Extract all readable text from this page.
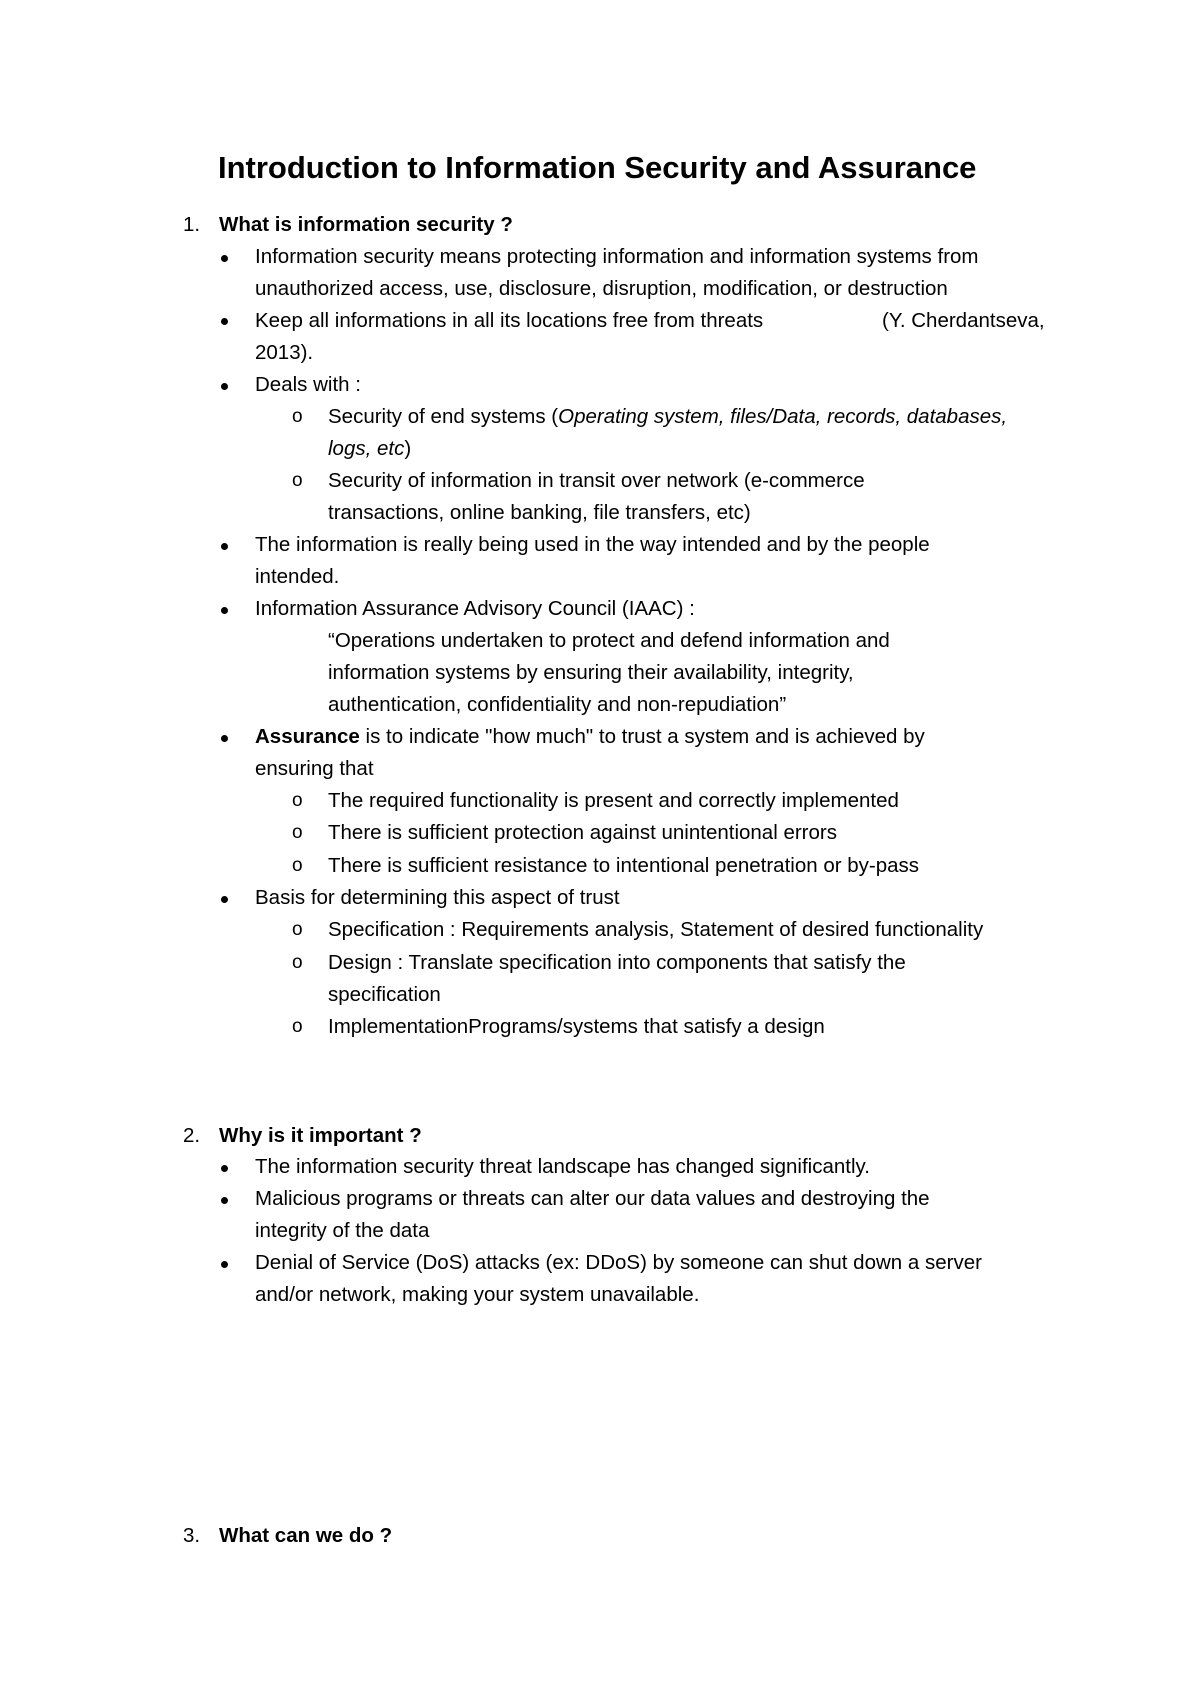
Introduction to Information Security and Assurance
1. What is information security ?
Information security means protecting information and information systems from
unauthorized access, use, disclosure, disruption, modification, or destruction
Keep all informations in all its locations free from threats	(Y. Cherdantseva,
2013).
Deals with :
o Security of end systems (Operating system, files/Data, records, databases,
logs, etc)
o Security of information in transit over network (e-commerce
transactions, online banking, file transfers, etc)
The information is really being used in the way intended and by the people
intended.
Information Assurance Advisory Council (IAAC) :
“Operations undertaken to protect and defend information and
information systems by ensuring their availability, integrity,
authentication, confidentiality and non-repudiation”
Assurance is to indicate "how much" to trust a system and is achieved by
ensuring that
o The required functionality is present and correctly implemented
o There is sufficient protection against unintentional errors
o There is sufficient resistance to intentional penetration or by-pass
Basis for determining this aspect of trust
o Specification : Requirements analysis, Statement of desired functionality
o Design : Translate specification into components that satisfy the
specification
o ImplementationPrograms/systems that satisfy a design
2. Why is it important ?
The information security threat landscape has changed significantly.
Malicious programs or threats can alter our data values and destroying the
integrity of the data
Denial of Service (DoS) attacks (ex: DDoS) by someone can shut down a server
and/or network, making your system unavailable.
3. What can we do ?
